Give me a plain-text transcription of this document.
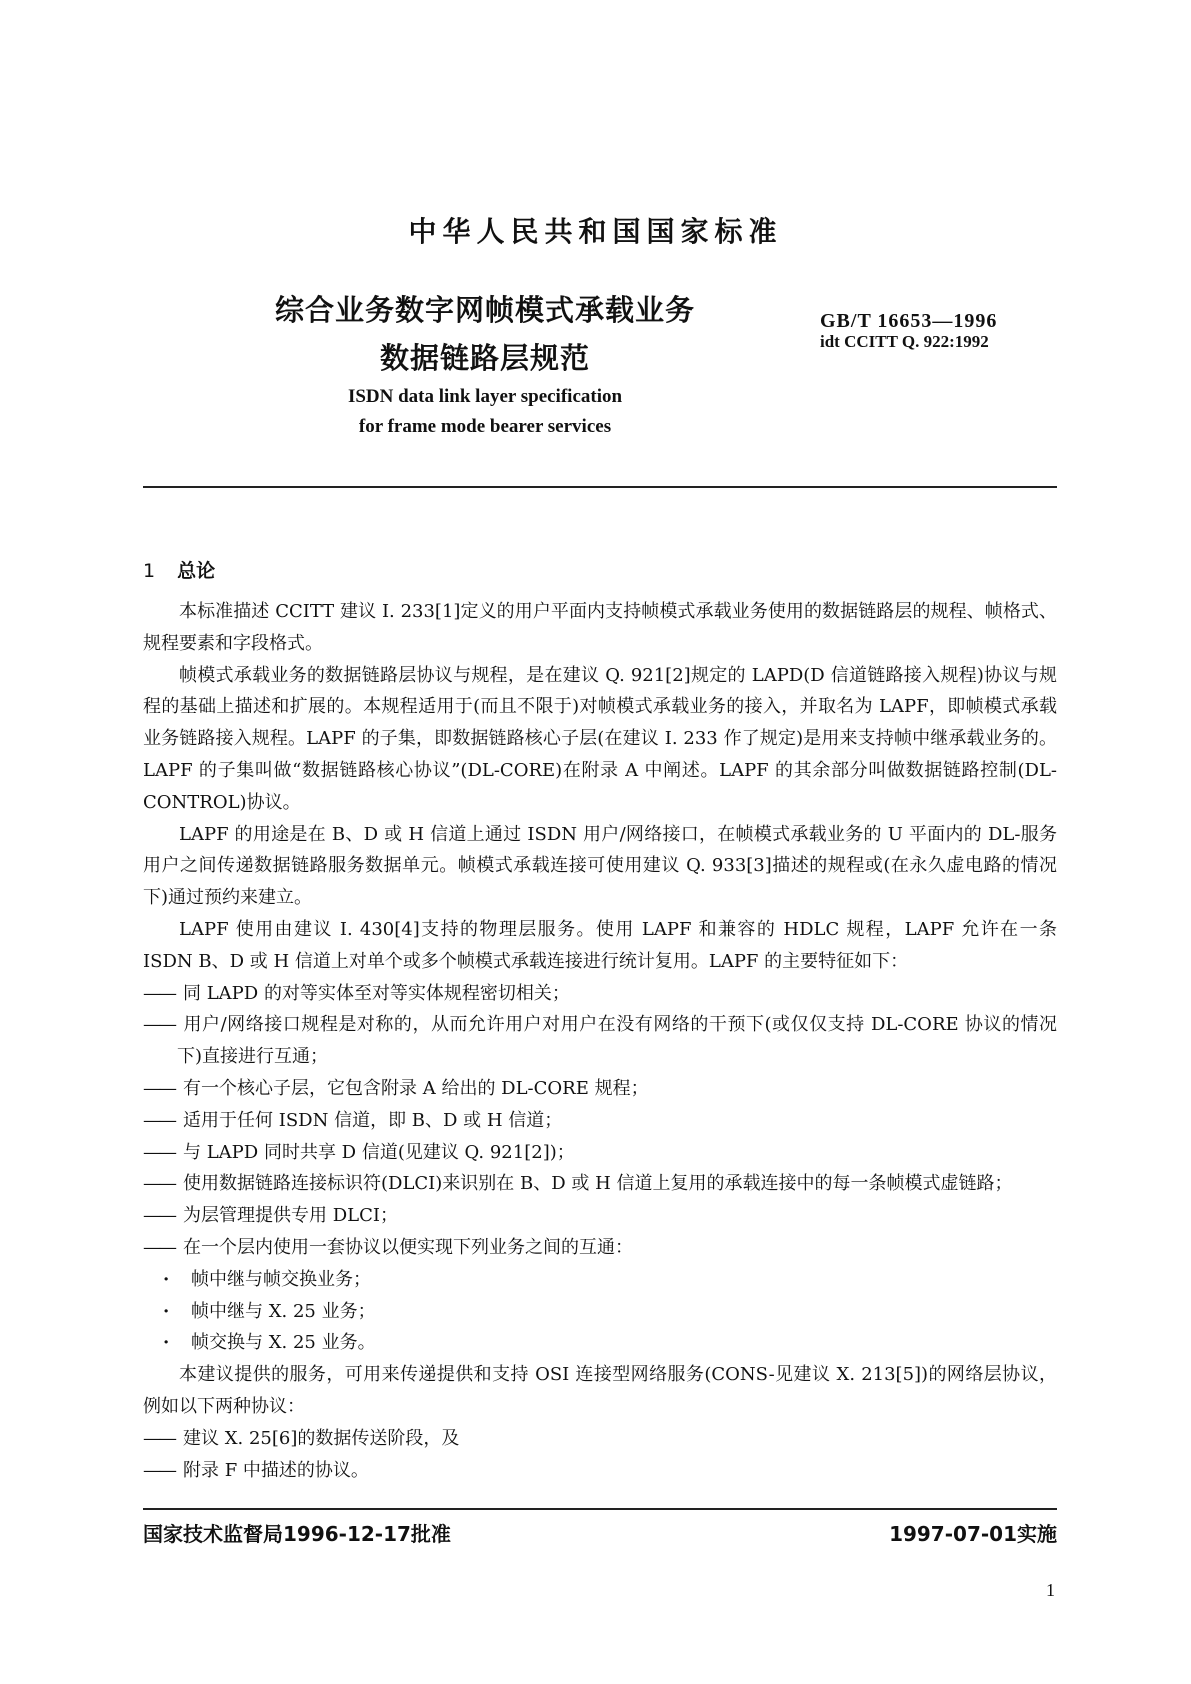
中华人民共和国国家标准
综合业务数字网帧模式承载业务
数据链路层规范
GB/T 16653—1996
idt CCITT Q. 922:1992
ISDN data link layer specification
for frame mode bearer services
1 总论

本标准描述 CCITT 建议 I. 233[1]定义的用户平面内支持帧模式承载业务使用的数据链路层的规程、帧格式、规程要素和字段格式。

帧模式承载业务的数据链路层协议与规程，是在建议 Q. 921[2]规定的 LAPD(D 信道链路接入规程)协议与规程的基础上描述和扩展的。本规程适用于(而且不限于)对帧模式承载业务的接入，并取名为 LAPF，即帧模式承载业务链路接入规程。LAPF 的子集，即数据链路核心子层(在建议 I. 233 作了规定)是用来支持帧中继承载业务的。LAPF 的子集叫做“数据链路核心协议”(DL-CORE)在附录 A 中阐述。LAPF 的其余部分叫做数据链路控制(DL-CONTROL)协议。

LAPF 的用途是在 B、D 或 H 信道上通过 ISDN 用户/网络接口，在帧模式承载业务的 U 平面内的 DL-服务用户之间传递数据链路服务数据单元。帧模式承载连接可使用建议 Q. 933[3]描述的规程或(在永久虚电路的情况下)通过预约来建立。

LAPF 使用由建议 I. 430[4]支持的物理层服务。使用 LAPF 和兼容的 HDLC 规程，LAPF 允许在一条 ISDN B、D 或 H 信道上对单个或多个帧模式承载连接进行统计复用。LAPF 的主要特征如下：

—— 同 LAPD 的对等实体至对等实体规程密切相关；

—— 用户/网络接口规程是对称的，从而允许用户对用户在没有网络的干预下(或仅仅支持 DL-CORE 协议的情况下)直接进行互通；

—— 有一个核心子层，它包含附录 A 给出的 DL-CORE 规程；

—— 适用于任何 ISDN 信道，即 B、D 或 H 信道；

—— 与 LAPD 同时共享 D 信道(见建议 Q. 921[2])；

—— 使用数据链路连接标识符(DLCI)来识别在 B、D 或 H 信道上复用的承载连接中的每一条帧模式虚链路；

—— 为层管理提供专用 DLCI；

—— 在一个层内使用一套协议以便实现下列业务之间的互通：

· 帧中继与帧交换业务；

· 帧中继与 X. 25 业务；

· 帧交换与 X. 25 业务。

本建议提供的服务，可用来传递提供和支持 OSI 连接型网络服务(CONS-见建议 X. 213[5])的网络层协议，例如以下两种协议：

—— 建议 X. 25[6]的数据传送阶段，及

—— 附录 F 中描述的协议。

国家技术监督局1996-12-17批准	1997-07-01实施
1
